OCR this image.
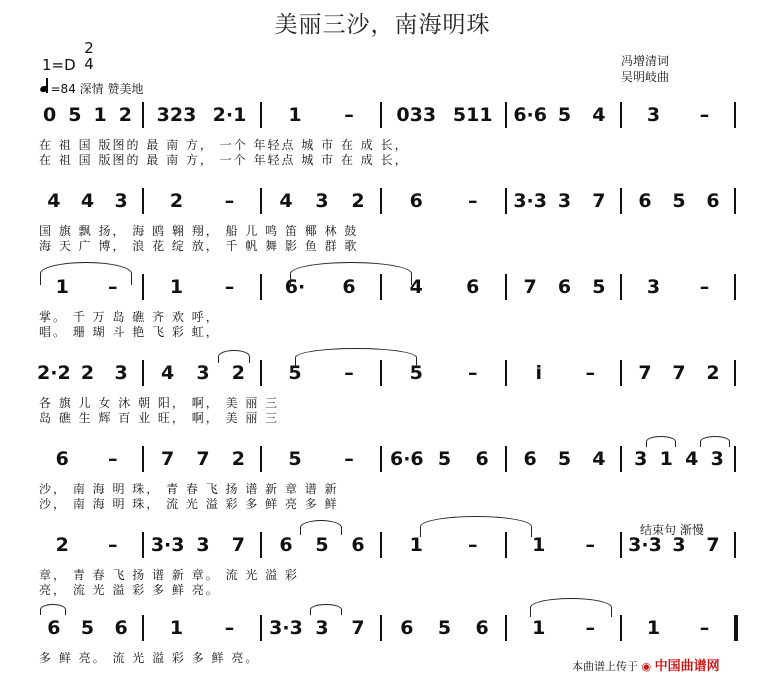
美丽三沙，南海明珠
冯增清词
吴明岐曲
1=D
2
4
=84 深情 赞美地
0 5 1 2	323 2·1	1	–	033 511	6·6 5	4	3	–
在 祖 国 版图的 最 南 方， 一个 年轻点 城 市 在 成 长，
在 祖 国 版图的 最 南 方， 一个 年轻点 城 市 在 成 长，
4	4	3	2	–	4	3	2	6	–	3·3 3	7	6	5	6
国 旗 飘 扬， 海 鸥 翱 翔， 船 儿 鸣 笛 椰 林 鼓
海 天 广 博， 浪 花 绽 放， 千 帆 舞 影 鱼 群 歌
1	–	1	–	6·	6	4	6	7	6	5	3	–
掌。 千 万 岛 礁 齐 欢 呼，
唱。 珊 瑚 斗 艳 飞 彩 虹，
2·2 2	3	4	3	2	5	–	5	–	i	–	7	7	2
各 旗 儿 女 沐 朝 阳， 啊， 美 丽 三
岛 礁 生 辉 百 业 旺， 啊， 美 丽 三
6	–	7	7	2	5	–	6·6 5	6	6	5	4	3 1 4 3
沙， 南 海 明 珠， 青 春 飞 扬 谱 新 章 谱 新
沙， 南 海 明 珠， 流 光 溢 彩 多 鲜 亮 多 鲜
2	–	3·3 3	7	6	5	6	1	–	1	–	3·3 3	7
章， 青 春 飞 扬 谱 新 章。 流 光 溢 彩
亮， 流 光 溢 彩 多 鲜 亮。
6	5	6	1	–	3·3 3	7	6	5	6	1	–	1	–
多 鲜 亮。 流 光 溢 彩 多 鲜 亮。
结束句 渐慢
本曲谱上传于 ◉ 中国曲谱网
